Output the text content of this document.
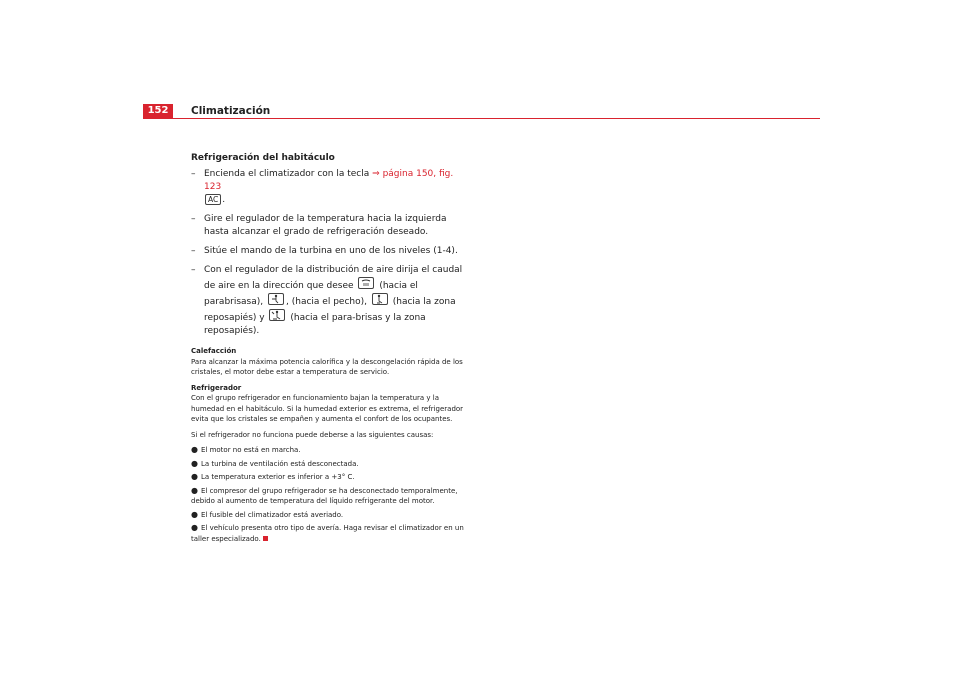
152	Climatización
Refrigeración del habitáculo
– Encienda el climatizador con la tecla ⇒ página 150, fig. 123
AC .
– Gire el regulador de la temperatura hacia la izquierda hasta alcanzar el grado de refrigeración deseado.
– Sitúe el mando de la turbina en uno de los niveles (1-4).
– Con el regulador de la distribución de aire dirija el caudal de aire en la dirección que desee	(hacia el parabrisasa),	, (hacia el pecho),	(hacia la zona reposapiés) y	(hacia el para-brisas y la zona reposapiés).
Calefacción

Para alcanzar la máxima potencia calorífica y la descongelación rápida de los cristales, el motor debe estar a temperatura de servicio.

Refrigerador

Con el grupo refrigerador en funcionamiento bajan la temperatura y la humedad en el habitáculo. Si la humedad exterior es extrema, el refrigerador evita que los cristales se empañen y aumenta el confort de los ocupantes.

Si el refrigerador no funciona puede deberse a las siguientes causas:

● El motor no está en marcha.
● La turbina de ventilación está desconectada.
● La temperatura exterior es inferior a +3° C.
● El compresor del grupo refrigerador se ha desconectado temporalmente, debido al aumento de temperatura del líquido refrigerante del motor.
● El fusible del climatizador está averiado.
● El vehículo presenta otro tipo de avería. Haga revisar el climatizador en un taller especializado.
